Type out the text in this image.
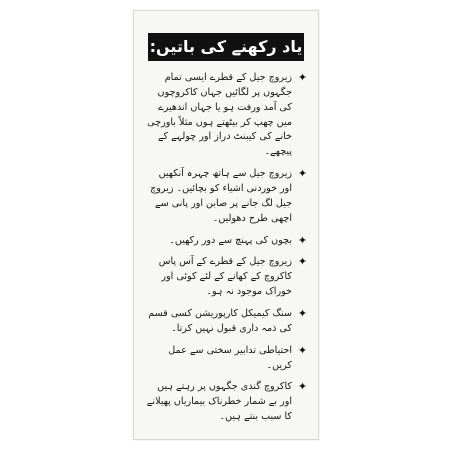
یاد رکھنے کی باتیں:
✦
زیروچ جیل کے قطرے ایسی تمام جگہوں پر لگائیں جہاں کاکروچوں کی آمد ورفت ہو یا جہاں اندھیرے میں چھپ کر بیٹھتے ہوں مثلاً باورچی خانے کی کیبنٹ دراز اور چولہے کے پیچھے۔
✦
زیروچ جیل سے ہاتھ چہرہ آنکھیں اور خوردنی اشیاء کو بچائیں۔ زیروچ جیل لگ جانے پر صابن اور پانی سے اچھی طرح دھولیں۔
✦
بچوں کی پہنچ سے دور رکھیں۔
✦
زیروچ جیل کے قطرے کے آس پاس کاکروچ کے کھانے کے لئے کوئی اور خوراک موجود نہ ہو۔
✦
سنگ کیمیکل کارپوریشن کسی قسم کی ذمہ داری قبول نہیں کرتا۔
✦
احتیاطی تدابیر سختی سے عمل کریں۔
✦
کاکروچ گندی جگہوں پر رہتے ہیں اور بے شمار خطرناک بیماریاں پھیلانے کا سبب بنتے ہیں۔
